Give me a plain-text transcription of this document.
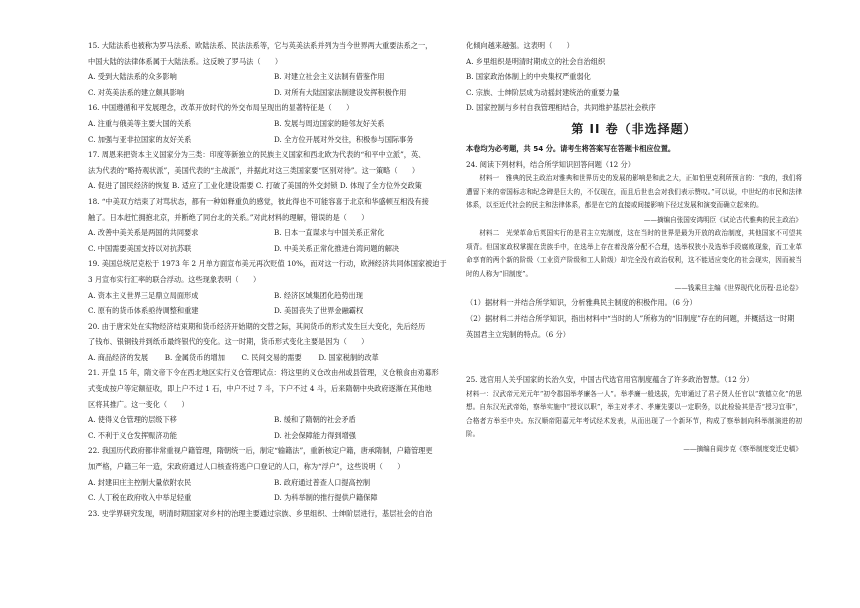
15. 大陆法系也被称为罗马法系、欧陆法系、民法法系等，它与英美法系并列为当今世界两大重要法系之一，
中国大陆的法律体系属于大陆法系。这反映了罗马法（　　）
A. 受到大陆法系的众多影响	B. 对建立社会主义法制有借鉴作用
C. 对英美法系的建立颇具影响	D. 对所有大陆国家法制建设发挥积极作用
16. 中国遵循和平发展理念，改革开放时代的外交布局呈现出的显著特征是（　　）
A. 注重与俄美等主要大国的关系	B. 发展与周边国家的睦邻友好关系
C. 加强与亚非拉国家的友好关系	D. 全方位开展对外交往，积极参与国际事务
17. 周恩来把资本主义国家分为三类：印度等新独立的民族主义国家和西北欧为代表的“和平中立派”，英、
法为代表的“略持观状派”，美国代表的“主战派”，并据此对这三类国家要“区别对待”。这一策略（　　）
A. 促进了国民经济的恢复 B. 适应了工业化建设需要 C. 打破了美国的外交封锁 D. 体现了全方位外交政策
18. “中美双方结束了对骂状态，都有一种如释重负的感觉，彼此得也不可能容喜于北京和华盛顿互相没有接
触了。日本赶忙拥抱北京，并断绝了同台北的关系。”对此材料的理解，错误的是（　　）
A. 改善中美关系是两国的共同要求	B. 日本一直谋求与中国关系正常化
C. 中国需要美国支持以对抗苏联	D. 中美关系正常化推进台湾问题的解决
19. 美国总统尼克松于 1973 年 2 月单方面宣布美元再次贬值 10%，而对这一行动，欧洲经济共同体国家被迫于
3 月宣布实行汇率的联合浮动。这些现象表明（　　）
A. 资本主义世界三足鼎立局面形成	B. 经济区域集团化趋势出现
C. 原有的货币体系亟待调整和重建	D. 美国丧失了世界金融霸权
20. 由于唐宋处在实物经济结束期和货币经济开始期的交替之际，其间货币的形式发生巨大变化，先后经历
了钱布、银铜钱并到纸币最终银代的变化。这一时期，货币形式变化主要是因为（　　）
A. 商品经济的发展　　 B. 金属货币的增加　　 C. 民间交易的需要　　 D. 国家税制的改革
21. 开皇 15 年，隋文帝下令在西北地区实行义仓管理试点：将这里的义仓改由州或县管理，义仓粮食由劝募形
式变成按户等定额征收，即上户不过 1 石，中户不过 7 斗，下户不过 4 斗，后来隋朝中央政府逐渐在其他地
区将其推广。这一变化（　　）
A. 使得义仓管理的层级下移	B. 缓和了隋朝的社会矛盾
C. 不利于义仓发挥赈济功能	D. 社会保障能力得到增强
22. 我国历代政府都非常重视户籍管理，隋朝统一后，制定“输籍法”，重新核定户籍，唐承隋制，户籍管理更
加严格，户籍三年一造，宋政府通过人口核查将逃户口登记的人口，称为“浮户”，这些说明（　　）
A. 封建田庄主控制大量依附农民	B. 政府通过普查人口提高控制
C. 人丁税在政府收入中举足轻重	D. 为科举制的推行提供户籍保障
23. 史学界研究发现，明清时期国家对乡村的治理主要通过宗族、乡里组织、士绅阶层进行，基层社会的自治
化倾向越来越强。这表明（　　）
A. 乡里组织是明清时期成立的社会自治组织
B. 国家政治体制上的中央集权严重弱化
C. 宗族、士绅阶层成为动摇封建统治的重要力量
D. 国家控制与乡村自我管理相结合，共同维护基层社会秩序
第 II 卷（非选择题）
本卷均为必考题，共 54 分。请考生将答案写在答题卡相应位置。
24. 阅读下列材料，结合所学知识回答问题（12 分）
材料一　雅典的民主政治对雅典和世界历史的发展的影响是和此之大，正如怕里克利所预言的：“我的，我们将遭留下来的帝国标志和纪念碑是巨大的，不仅现在，而且后世也会对我们表示赞叹。”可以说，中世纪的市民和法律体系，以至近代社会的民主和法律体系，都是在它的直接或间接影响下径过发展和演变而确立起来的。
——摘编自张国安鸿明臣《试论古代雅典的民主政治》
材料二　光荣革命后英国实行的是君主立宪制度，这在当时的世界是最为开放的政治制度，其他国家不可望其项背。但国家政权掌握在贵族手中，在选举上存在着没落分配不合理，选举权狭小及选举手段腐败现象，而工业革命享育的两个新的阶级（工业资产阶级和工人阶级）却完全没有政治权利，这不能适应变化的社会现实，因而被当时的人称为“旧制度”。
——钱乘旦主编《世界现代化历程·总论卷》
（1）据材料一并结合所学知识，分析雅典民主制度的积极作用。（6 分）
（2）据材料二并结合所学知识，指出材料中“当时的人”所称为的“旧制度”存在的问题，并概括这一时期
英国君主立宪制的特点。（6 分）
25. 选官用人关乎国家的长治久安，中国古代选官用官制度蕴含了许多政治智慧。（12 分）
材料一：汉武帝元光元年“初令郡国举孝廉各一人”。举孝廉一般选拔，先审通过了君子贤人任官以“敦德立化”的思想。自东汉光武帝始，察举实施中“授议以职”，举主对孝才、孝廉先要以一定职务，以此检验其是否“授习宜事”，合格者方举至中央。东汉顺帝阳嘉元年考试经术发表，从而出现了一个新环节，构成了察举制向科举制演进的初阶。
——摘编自阎步克《察举制度变迁史稿》
